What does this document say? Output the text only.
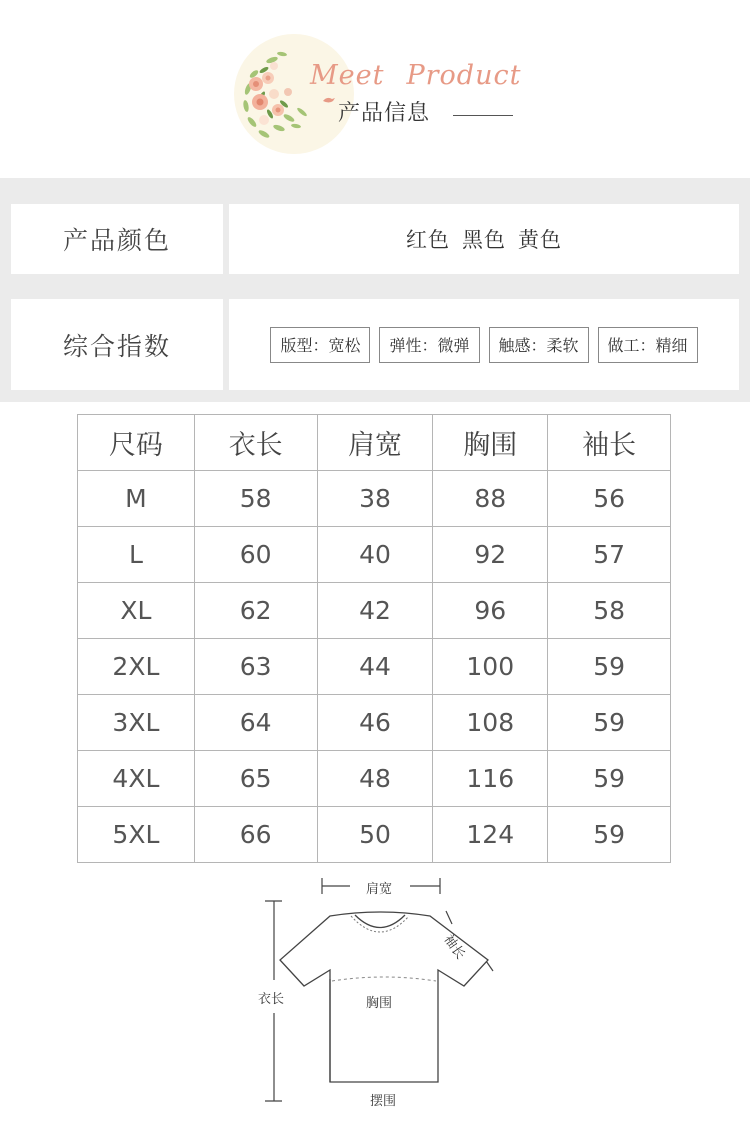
Meet Product
产品信息
产品颜色	红色 黑色 黄色
综合指数	版型：宽松	弹性：微弹	触感：柔软	做工：精细
尺码	衣长	肩宽	胸围	袖长
M	58	38	88	56
L	60	40	92	57
XL	62	42	96	58
2XL	63	44	100	59
3XL	64	46	108	59
4XL	65	48	116	59
5XL	66	50	124	59
肩宽
袖长
衣长	胸围
摆围
